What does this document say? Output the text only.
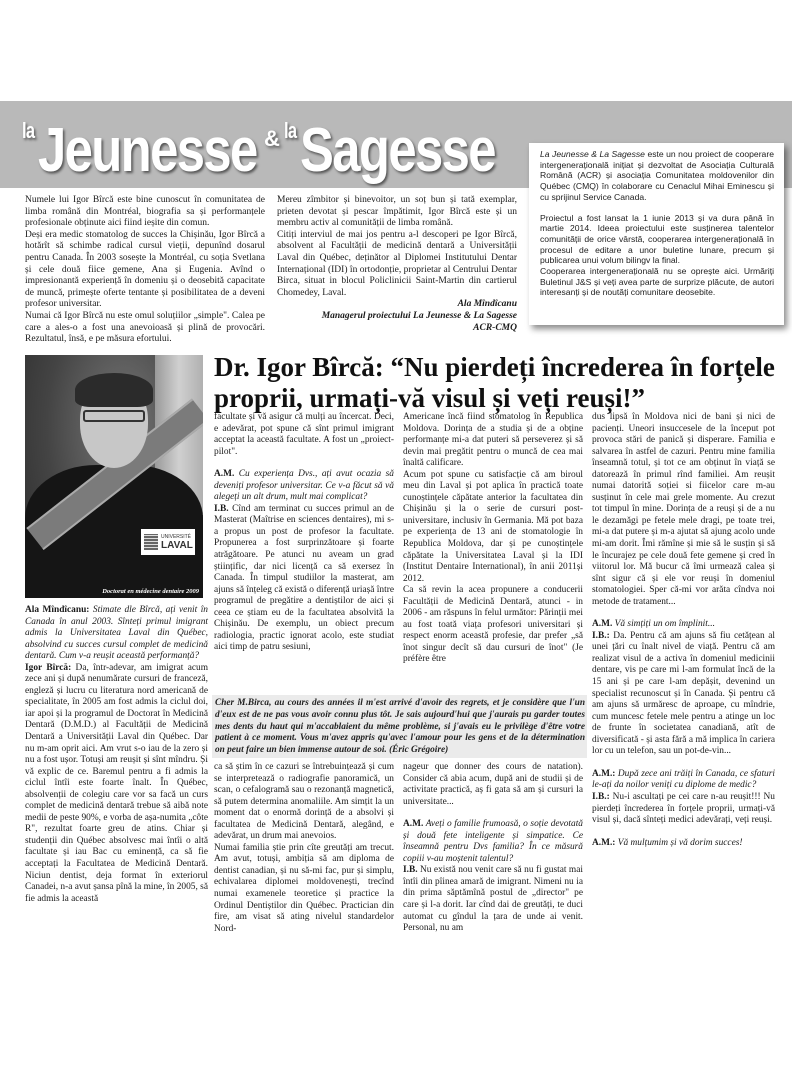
la Jeunesse & la Sagesse	La Jeunesse & La Sagesse este un nou proiect de cooperare intergenerațională inițiat și dezvoltat de Asociația Culturală Română (ACR) și asociația Comunitatea moldovenilor din Québec (CMQ) în colaborare cu Cenaclul Mihai Eminescu și cu sprijinul Service Canada.

Proiectul a fost lansat la 1 iunie 2013 și va dura până în martie 2014. Ideea proiectului este susținerea talentelor comunității de orice vârstă, cooperarea intergenerațională în procesul de editare a unor buletine lunare, precum și publicarea unui volum bilingv la final.

Cooperarea intergenerațională nu se oprește aici. Urmăriți Buletinul J&S și veți avea parte de surprize plăcute, de autori interesanți și de noutăți comunitare deosebite.

Numele lui Igor Bîrcă este bine cunoscut în comunitatea de limba română din Montréal, biografia sa și performanțele profesionale obținute aici fiind ieșite din comun.

Deși era medic stomatolog de succes la Chișinău, Igor Bîrcă a hotărît să schimbe radical cursul vieții, depunînd dosarul pentru Canada. În 2003 sosește la Montréal, cu soția Svetlana și cele două fiice gemene, Ana și Eugenia. Avînd o impresionantă experiență în domeniu și o deosebită capacitate de muncă, primește oferte tentante și posibilitatea de a deveni profesor universitar.

Numai că Igor Bîrcă nu este omul soluțiilor „simple". Calea pe care a ales-o a fost una anevoioasă și plină de provocări. Rezultatul, însă, e pe măsura efortului.

Mereu zîmbitor și binevoitor, un soț bun și tată exemplar, prieten devotat și pescar împătimit, Igor Bîrcă este și un membru activ al comunității de limba română.

Citiți interviul de mai jos pentru a-l descoperi pe Igor Bîrcă, absolvent al Facultății de medicină dentară a Universității Laval din Québec, deținător al Diplomei Institutului Dentar Internațional (IDI) în ortodonție, proprietar al Centrului Dentar Birca, situat in blocul Policlinicii Saint-Martin din cartierul Chomedey, Laval.

Ala Mîndîcanu

Managerul proiectului La Jeunesse & La Sagesse

ACR-CMQ

UNIVERSITÉ
LAVAL
Doctorat en médecine dentaire 2009
Dr. Igor Bîrcă: “Nu pierdeți încrederea în forțele proprii, urmați-vă visul și veți reuși!”

Ala Mîndîcanu: Stimate dle Bîrcă, ați venit în Canada în anul 2003. Sînteți primul imigrant admis la Universitatea Laval din Québec, absolvind cu succes cursul complet de medicină dentară. Cum v-a reușit această performanță?

Igor Bîrcă: Da, într-adevar, am imigrat acum zece ani și după nenumărate cursuri de franceză, engleză și lucru cu literatura nord americană de specialitate, în 2005 am fost admis la ciclul doi, iar apoi și la programul de Doctorat în Medicină Dentară (D.M.D.) al Facultății de Medicină Dentară a Universității Laval din Québec. Dar nu m-am oprit aici. Am vrut s-o iau de la zero și nu a fost ușor. Totuși am reușit și sînt mîndru. Și vă explic de ce. Baremul pentru a fi admis la ciclul întîi este foarte înalt. În Québec, absolvenții de colegiu care vor sa facă un curs complet de medicină dentară trebue să aibă note medii de peste 90%, e vorba de așa-numita „côte R", rezultat foarte greu de atins. Chiar și studenții din Québec absolvesc mai întîi o altă facultate și iau Bac cu eminență, ca să fie acceptați la Facultatea de Medicină Dentară. Niciun dentist, deja format în exteriorul Canadei, n-a avut șansa pînă la mine, în 2005, să fie admis la această

facultate și vă asigur că mulți au încercat. Deci, e adevărat, pot spune că sînt primul imigrant acceptat la această facultate. A fost un „proiect-pilot".

A.M. Cu experiența Dvs., ați avut ocazia să deveniți profesor universitar. Ce v-a făcut să vă alegeți un alt drum, mult mai complicat?

I.B. Cînd am terminat cu succes primul an de Masterat (Maîtrise en sciences dentaires), mi s-a propus un post de profesor la facultate. Propunerea a fost surprinzătoare și foarte atrăgătoare. Pe atunci nu aveam un grad științific, dar nici licență ca să exersez în Canada. În timpul studiilor la masterat, am ajuns să înțeleg că există o diferență uriașă între programul de pregătire a dentiștilor de aici și ceea ce știam eu de la facultatea absolvită la Chișinău. De exemplu, un obiect precum radiologia, practic ignorat acolo, este studiat aici timp de patru sesiuni,

Americane încă fiind stomatolog în Republica Moldova. Dorința de a studia și de a obține performanțe mi-a dat puteri să perseverez și să devin mai pregătit pentru o muncă de cea mai înaltă calificare.

Acum pot spune cu satisfacție că am biroul meu din Laval și pot aplica în practică toate cunoștințele căpătate anterior la facultatea din Chișinău și la o serie de cursuri post-universitare, inclusiv în Germania. Mă pot baza pe experiența de 13 ani de stomatologie în Republica Moldova, dar și pe cunoștințele căpătate la Universitatea Laval și la IDI (Institut Dentaire International), în anii 2011și 2012.

Ca să revin la acea propunere a conducerii Facultății de Medicină Dentară, atunci - in 2006 - am răspuns în felul următor: Părinții mei au fost toată viața profesori universitari și respect enorm această profesie, dar prefer „să înot singur decît să dau cursuri de înot" (Je préfère être

Cher M.Birca, au cours des années il m'est arrivé d'avoir des regrets, et je considère que l'un d'eux est de ne pas vous avoir connu plus tôt. Je sais aujourd'hui que j'aurais pu garder toutes mes dents du haut qui m'accablaient du même problème, si j'avais eu le privilège d'être votre patient à ce moment. Vous m'avez appris qu'avec l'amour pour les gens et de la détermination on peut faire un bien immense autour de soi. (Éric Grégoire)

ca să știm în ce cazuri se întrebuințează și cum se interpretează o radiografie panoramică, un scan, o cefalogramă sau o rezonanță magnetică, să putem determina anomaliile. Am simțit la un moment dat o enormă dorință de a absolvi și facultatea de Medicină Dentară, alegând, e adevărat, un drum mai anevoios.

Numai familia știe prin cîte greutăți am trecut. Am avut, totuși, ambiția să am diploma de dentist canadian, și nu să-mi fac, pur și simplu, echivalarea diplomei moldovenești, trecînd numai examenele teoretice și practice la Ordinul Dentiștilor din Québec. Practician din fire, am visat să ating nivelul standardelor Nord-

nageur que donner des cours de natation). Consider că abia acum, după ani de studii și de activitate practică, aș fi gata să am și cursuri la universitate...

A.M. Aveți o familie frumoasă, o soție devotată și două fete inteligente și simpatice. Ce înseamnă pentru Dvs familia? În ce măsură copiii v-au moștenit talentul?

I.B. Nu există nou venit care să nu fi gustat mai întîi din pîinea amară de imigrant. Nimeni nu ia din prima săptămînă postul de „director" pe care și l-a dorit. Iar cînd dai de greutăți, te duci automat cu gîndul la țara de unde ai venit. Personal, nu am

dus lipsă în Moldova nici de bani și nici de pacienți. Uneori insuccesele de la început pot provoca stări de panică și disperare. Familia e salvarea în astfel de cazuri. Pentru mine familia înseamnă totul, și tot ce am obținut în viață se datorează în primul rînd familiei. Am reușit numai datorită soției si fiicelor care m-au susținut în cele mai grele momente. Au crezut tot timpul în mine. Dorința de a reuși și de a nu le dezamăgi pe fetele mele dragi, pe toate trei, mi-a dat putere și m-a ajutat să ajung acolo unde mi-am dorit. Îmi rămîne și mie să le susțin și să le încurajez pe cele două fete gemene și cred în viitorul lor. Mă bucur că îmi urmează calea și sînt sigur că și ele vor reuși în domeniul stomatologiei. Sper că-mi vor arăta cîndva noi metode de tratament...

A.M. Vă simțiți un om împlinit...

I.B.: Da. Pentru că am ajuns să fiu cetățean al unei țări cu înalt nivel de viață. Pentru că am realizat visul de a activa în domeniul medicinii dentare, vis pe care mi l-am formulat încă de la 15 ani și pe care l-am depășit, devenind un specialist recunoscut și în Canada. Și pentru că am ajuns să urmăresc de aproape, cu mîndrie, cum muncesc fetele mele pentru a atinge un loc de frunte în societatea canadiană, atît de diversificată - și asta fără a mă implica în cariera lor cu un telefon, sau un pot-de-vin...

A.M.: După zece ani trăiți în Canada, ce sfaturi le-ați da noilor veniți cu diplome de medic?

I.B.: Nu-i ascultați pe cei care n-au reușit!!! Nu pierdeți încrederea în forțele proprii, urmați-vă visul și, dacă sînteți medici adevărați, veți reuși.

A.M.: Vă mulțumim și vă dorim succes!
